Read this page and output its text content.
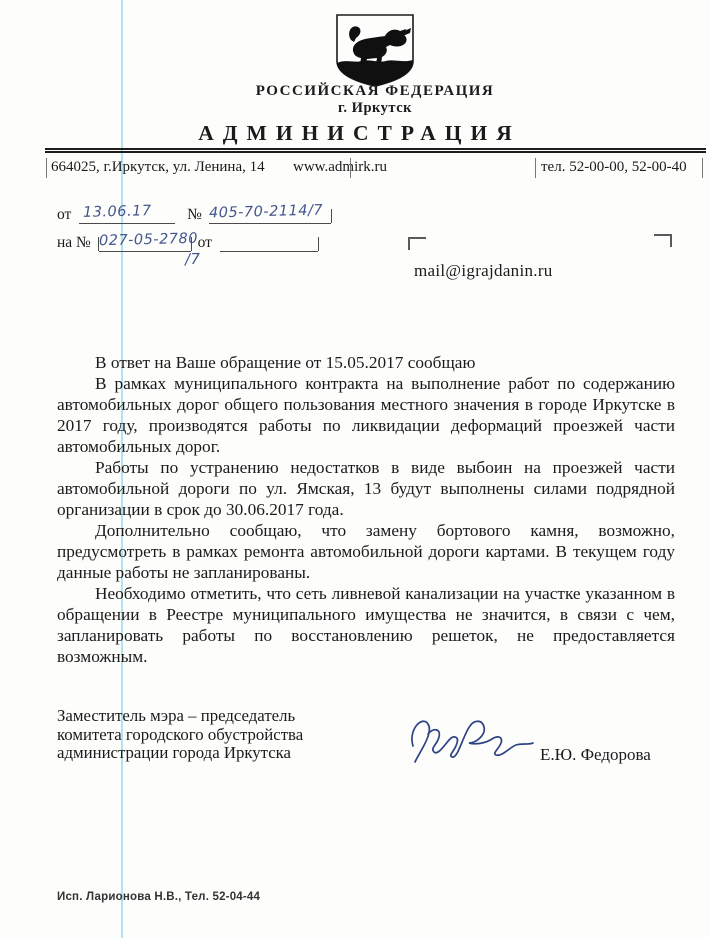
РОССИЙСКАЯ ФЕДЕРАЦИЯ
г. Иркутск
АДМИНИСТРАЦИЯ
664025, г.Иркутск, ул. Ленина, 14 www.admirk.ru	тел. 52-00-00, 52-00-40
от 13.06.17 № 405-70-2114/7
на № 027-05-2780 от
/7
mail@igrajdanin.ru

В ответ на Ваше обращение от 15.05.2017 сообщаю

В рамках муниципального контракта на выполнение работ по содержанию автомобильных дорог общего пользования местного значения в городе Иркутске в 2017 году, производятся работы по ликвидации деформаций проезжей части автомобильных дорог.

Работы по устранению недостатков в виде выбоин на проезжей части автомобильной дороги по ул. Ямская, 13 будут выполнены силами подрядной организации в срок до 30.06.2017 года.

Дополнительно сообщаю, что замену бортового камня, возможно, предусмотреть в рамках ремонта автомобильной дороги картами. В текущем году данные работы не запланированы.

Необходимо отметить, что сеть ливневой канализации на участке указанном в обращении в Реестре муниципального имущества не значится, в связи с чем, запланировать работы по восстановлению решеток, не предоставляется возможным.

Заместитель мэра – председатель
комитета городского обустройства
администрации города Иркутска	Е.Ю. Федорова
Исп. Ларионова Н.В., Тел. 52-04-44
